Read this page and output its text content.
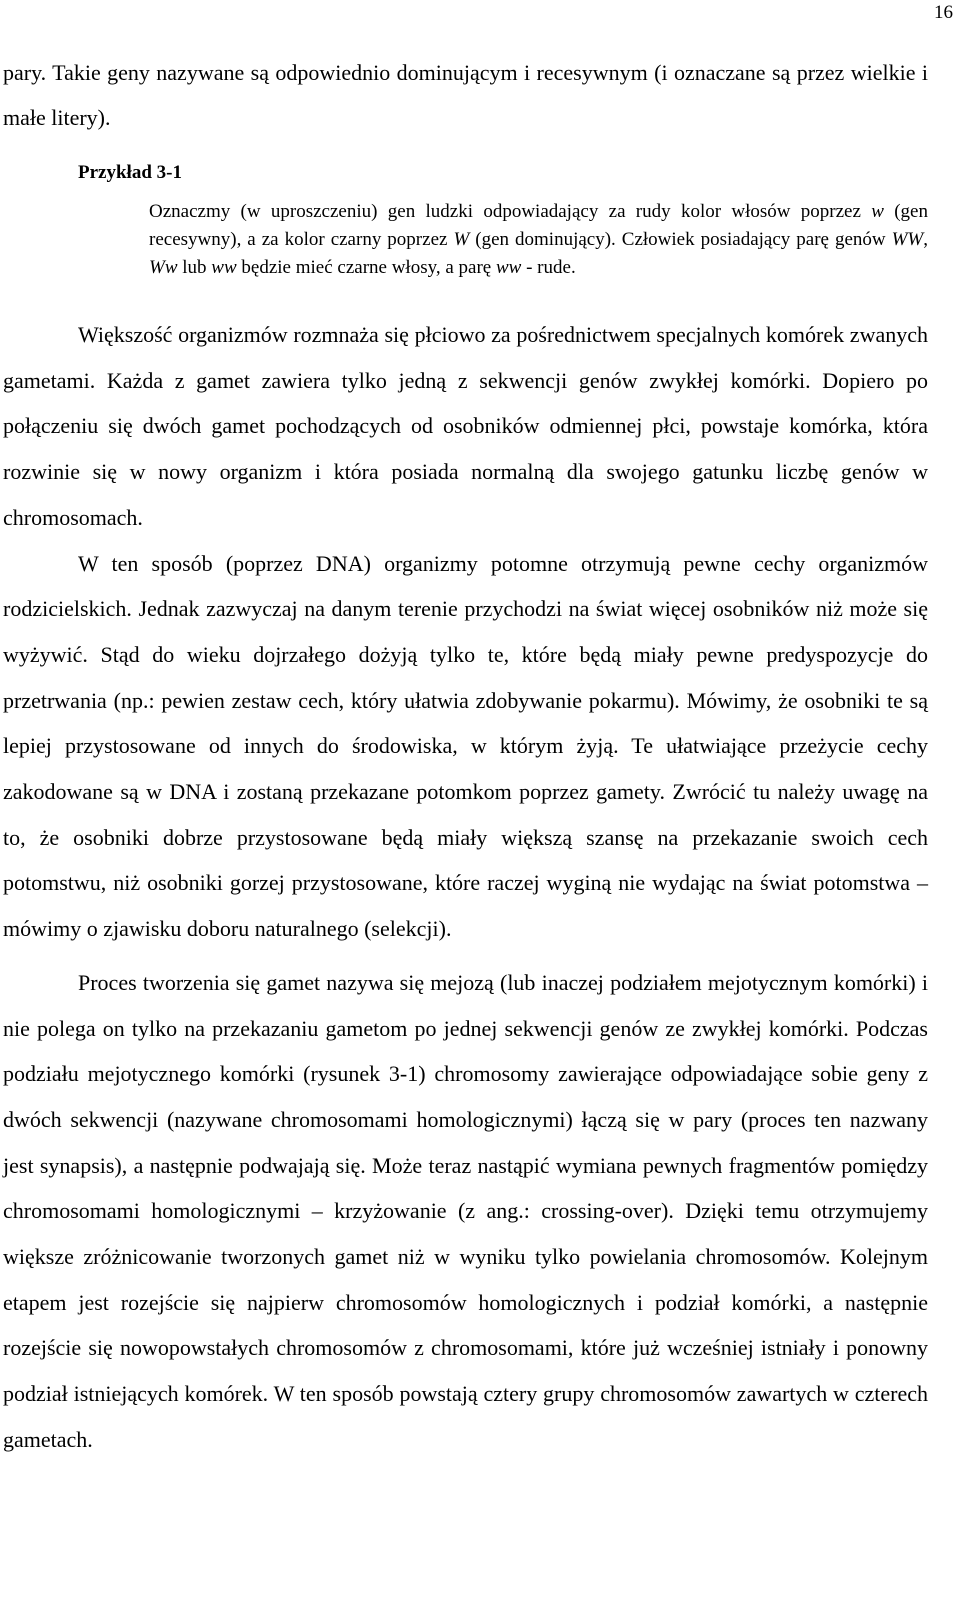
16

pary. Takie geny nazywane są odpowiednio dominującym i recesywnym (i oznaczane są przez wielkie i małe litery).

Przykład 3-1

Oznaczmy (w uproszczeniu) gen ludzki odpowiadający za rudy kolor włosów poprzez w (gen recesywny), a za kolor czarny poprzez W (gen dominujący). Człowiek posiadający parę genów WW, Ww lub ww będzie mieć czarne włosy, a parę ww - rude.

Większość organizmów rozmnaża się płciowo za pośrednictwem specjalnych komórek zwanych gametami. Każda z gamet zawiera tylko jedną z sekwencji genów zwykłej komórki. Dopiero po połączeniu się dwóch gamet pochodzących od osobników odmiennej płci, powstaje komórka, która rozwinie się w nowy organizm i która posiada normalną dla swojego gatunku liczbę genów w chromosomach.

W ten sposób (poprzez DNA) organizmy potomne otrzymują pewne cechy organizmów rodzicielskich. Jednak zazwyczaj na danym terenie przychodzi na świat więcej osobników niż może się wyżywić. Stąd do wieku dojrzałego dożyją tylko te, które będą miały pewne predyspozycje do przetrwania (np.: pewien zestaw cech, który ułatwia zdobywanie pokarmu). Mówimy, że osobniki te są lepiej przystosowane od innych do środowiska, w którym żyją. Te ułatwiające przeżycie cechy zakodowane są w DNA i zostaną przekazane potomkom poprzez gamety. Zwrócić tu należy uwagę na to, że osobniki dobrze przystosowane będą miały większą szansę na przekazanie swoich cech potomstwu, niż osobniki gorzej przystosowane, które raczej wyginą nie wydając na świat potomstwa – mówimy o zjawisku doboru naturalnego (selekcji).

Proces tworzenia się gamet nazywa się mejozą (lub inaczej podziałem mejotycznym komórki) i nie polega on tylko na przekazaniu gametom po jednej sekwencji genów ze zwykłej komórki. Podczas podziału mejotycznego komórki (rysunek 3-1) chromosomy zawierające odpowiadające sobie geny z dwóch sekwencji (nazywane chromosomami homologicznymi) łączą się w pary (proces ten nazwany jest synapsis), a następnie podwajają się. Może teraz nastąpić wymiana pewnych fragmentów pomiędzy chromosomami homologicznymi – krzyżowanie (z ang.: crossing-over). Dzięki temu otrzymujemy większe zróżnicowanie tworzonych gamet niż w wyniku tylko powielania chromosomów. Kolejnym etapem jest rozejście się najpierw chromosomów homologicznych i podział komórki, a następnie rozejście się nowopowstałych chromosomów z chromosomami, które już wcześniej istniały i ponowny podział istniejących komórek. W ten sposób powstają cztery grupy chromosomów zawartych w czterech gametach.
